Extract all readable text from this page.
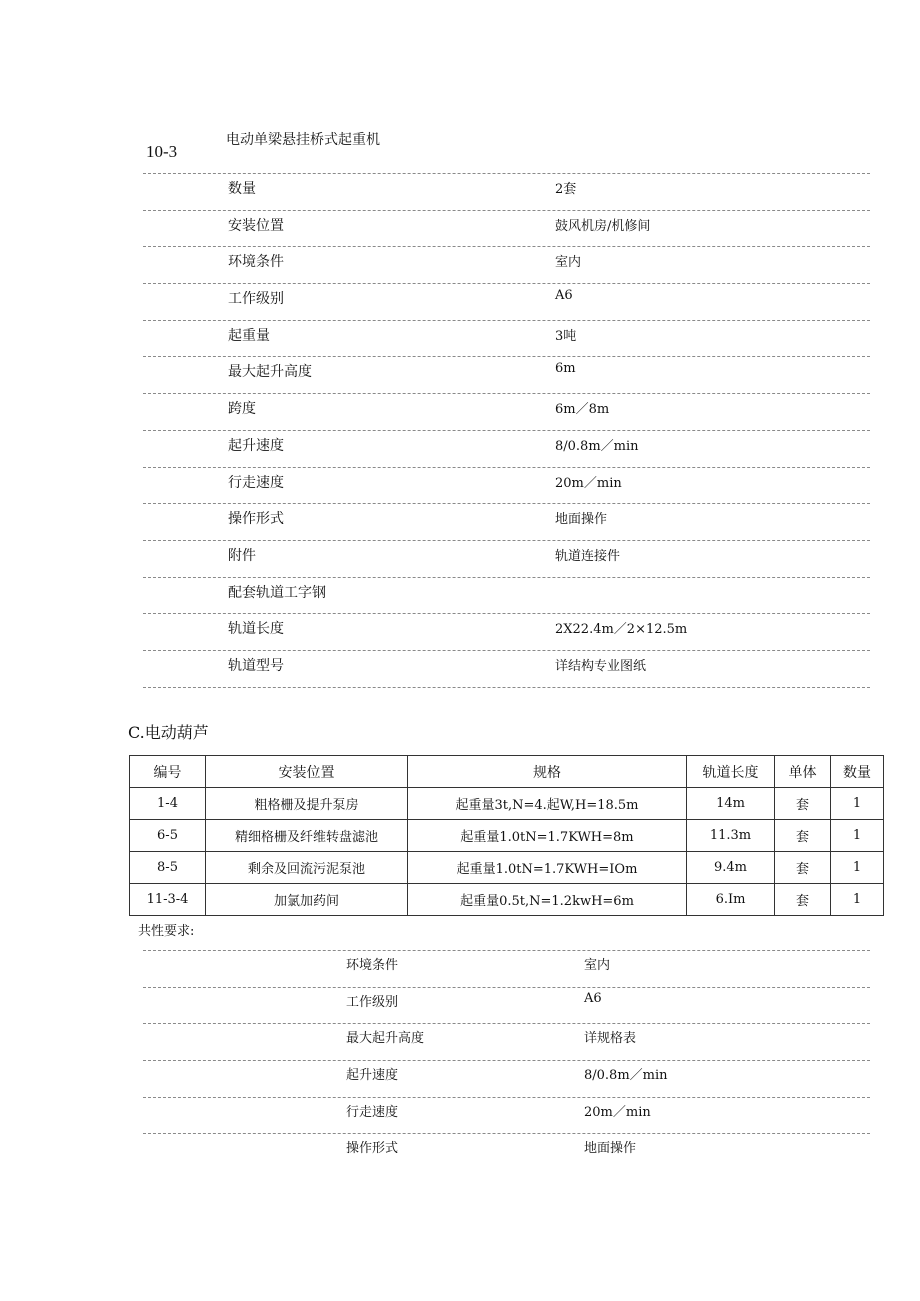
10-3
电动单梁悬挂桥式起重机
数量	2套
安装位置	鼓风机房/机修间
环境条件	室内
工作级别	A6
起重量	3吨
最大起升高度	6m
跨度	6m／8m
起升速度	8/0.8m／min
行走速度	20m／min
操作形式	地面操作
附件	轨道连接件
配套轨道工字钢
轨道长度	2X22.4m／2×12.5m
轨道型号	详结构专业图纸
C.电动葫芦
编号	安装位置	规格	轨道长度	单体	数量
1-4	粗格栅及提升泵房	起重量3t,N=4.起W,H=18.5m	14m	套	1
6-5	精细格栅及纤维转盘滤池	起重量1.0tN=1.7KWH=8m	11.3m	套	1
8-5	剩余及回流污泥泵池	起重量1.0tN=1.7KWH=IOm	9.4m	套	1
11-3-4	加氯加药间	起重量0.5t,N=1.2kwH=6m	6.Im	套	1
共性要求:
环境条件	室内
工作级别	A6
最大起升高度	详规格表
起升速度	8/0.8m／min
行走速度	20m／min
操作形式	地面操作
